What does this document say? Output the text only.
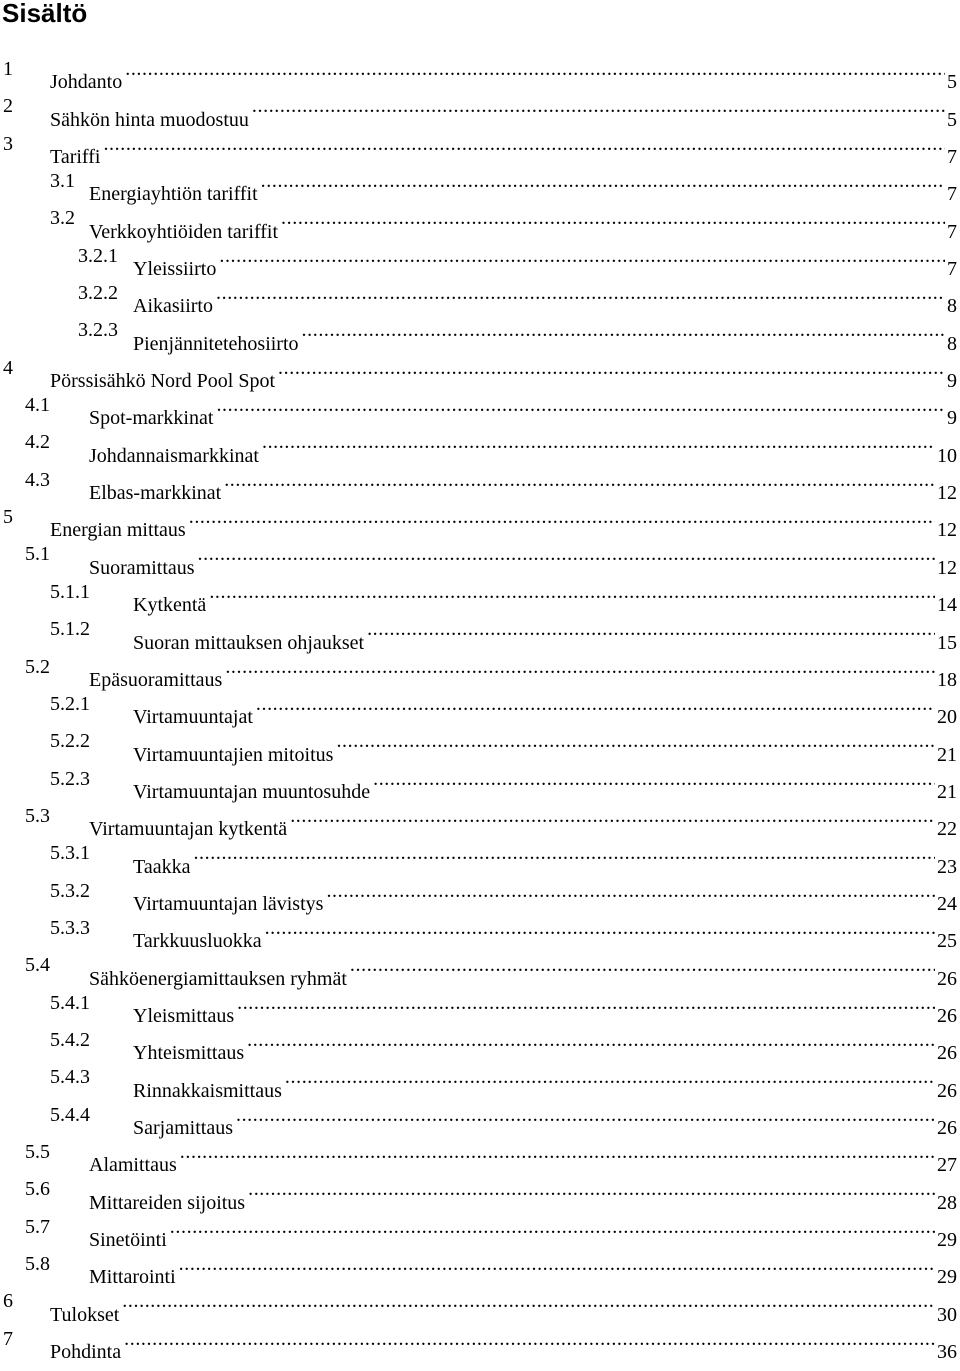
Sisältö
1
Johdanto .....	5
2
Sähkön hinta muodostuu .....	5
3
Tariffi .....	7
3.1
Energiayhtiön tariffit .....	7
3.2
Verkkoyhtiöiden tariffit .....	7
3.2.1
Yleissiirto .....	7
3.2.2
Aikasiirto .....	8
3.2.3
Pienjännitetehosiirto .....	8
4
Pörssisähkö Nord Pool Spot .....	9
4.1
Spot-markkinat .....	9
4.2
Johdannaismarkkinat .....	10
4.3
Elbas-markkinat .....	12
5
Energian mittaus .....	12
5.1
Suoramittaus .....	12
5.1.1
Kytkentä .....	14
5.1.2
Suoran mittauksen ohjaukset .....	15
5.2
Epäsuoramittaus .....	18
5.2.1
Virtamuuntajat .....	20
5.2.2
Virtamuuntajien mitoitus .....	21
5.2.3
Virtamuuntajan muuntosuhde .....	21
5.3
Virtamuuntajan kytkentä .....	22
5.3.1
Taakka .....	23
5.3.2
Virtamuuntajan lävistys .....	24
5.3.3
Tarkkuusluokka .....	25
5.4
Sähköenergiamittauksen ryhmät .....	26
5.4.1
Yleismittaus .....	26
5.4.2
Yhteismittaus .....	26
5.4.3
Rinnakkaismittaus .....	26
5.4.4
Sarjamittaus .....	26
5.5
Alamittaus .....	27
5.6
Mittareiden sijoitus .....	28
5.7
Sinetöinti .....	29
5.8
Mittarointi .....	29
6
Tulokset .....	30
7
Pohdinta .....	36
